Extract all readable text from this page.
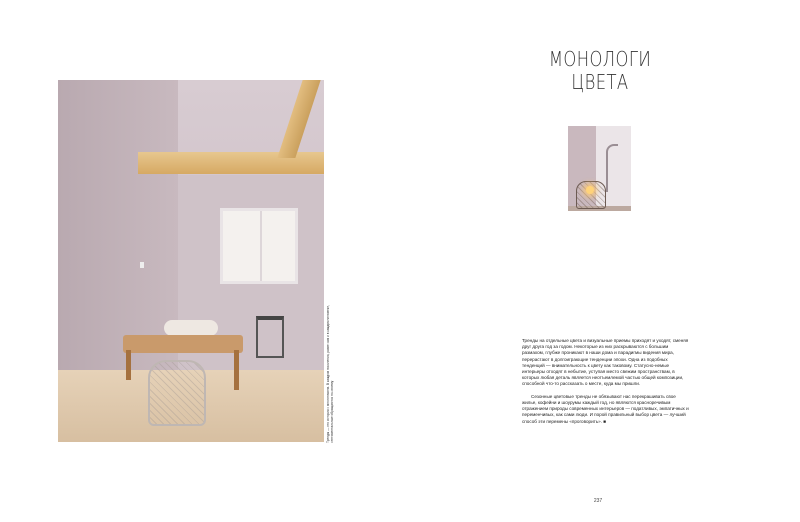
Тренды — это история с многоточием. В каждом поколении, разве сам и в каждом человеке, сентиментальные обращаются по-своему
МОНОЛОГИ
ЦВЕТА

Тренды на отдельные цвета и визуальные приемы приходят и уходят, сменяя друг друга год за годом. Некоторые из них раскрываются с большим размахом, глубже проникают в наши дома и парадигмы видения мира, перерастают в долгоиграющие тенденции эпохи. Одна из подобных тенденций — внимательность к цвету как таковому. Статусно-немые интерьеры отходят в небытие, уступая место свежим пространствам, в которых любая деталь является неотъемлемой частью общей композиции, способной что-то рассказать о месте, куда мы пришли.

Сезонные цветовые тренды не обязывают нас перекрашивать свое жилье, кофейни и шоурумы каждый год, но являются красноречивым отражением природы современных интерьеров — податливых, эмпатичных и переменчивых, как сами люди. И порой правильный выбор цвета — лучший способ эти перемены «проговорить». ■

237
